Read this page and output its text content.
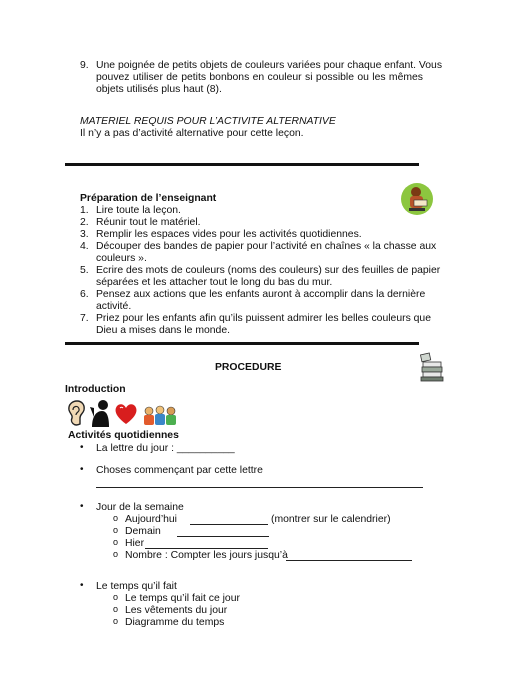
9. Une poignée de petits objets de couleurs variées pour chaque enfant. Vous
pouvez utiliser de petits bonbons en couleur si possible ou les mêmes
objets utilisés plus haut (8).
MATERIEL REQUIS POUR L’ACTIVITE ALTERNATIVE
Il n’y a pas d’activité alternative pour cette leçon.
Préparation de l’enseignant
1. Lire toute la leçon.
2. Réunir tout le matériel.
3. Remplir les espaces vides pour les activités quotidiennes.
4. Découper des bandes de papier pour l’activité en chaînes « la chasse aux
couleurs ».
5. Ecrire des mots de couleurs (noms des couleurs) sur des feuilles de papier
séparées et les attacher tout le long du bas du mur.
6. Pensez aux actions que les enfants auront à accomplir dans la dernière
activité.
7. Priez pour les enfants afin qu’ils puissent admirer les belles couleurs que
Dieu a mises dans le monde.
PROCEDURE
Introduction
Activités quotidiennes
• La lettre du jour : __________
• Choses commençant par cette lettre
• Jour de la semaine
o Aujourd’hui	(montrer sur le calendrier)
o Demain
o Hier
o Nombre : Compter les jours jusqu’à
• Le temps qu’il fait
o Le temps qu’il fait ce jour
o Les vêtements du jour
o Diagramme du temps
